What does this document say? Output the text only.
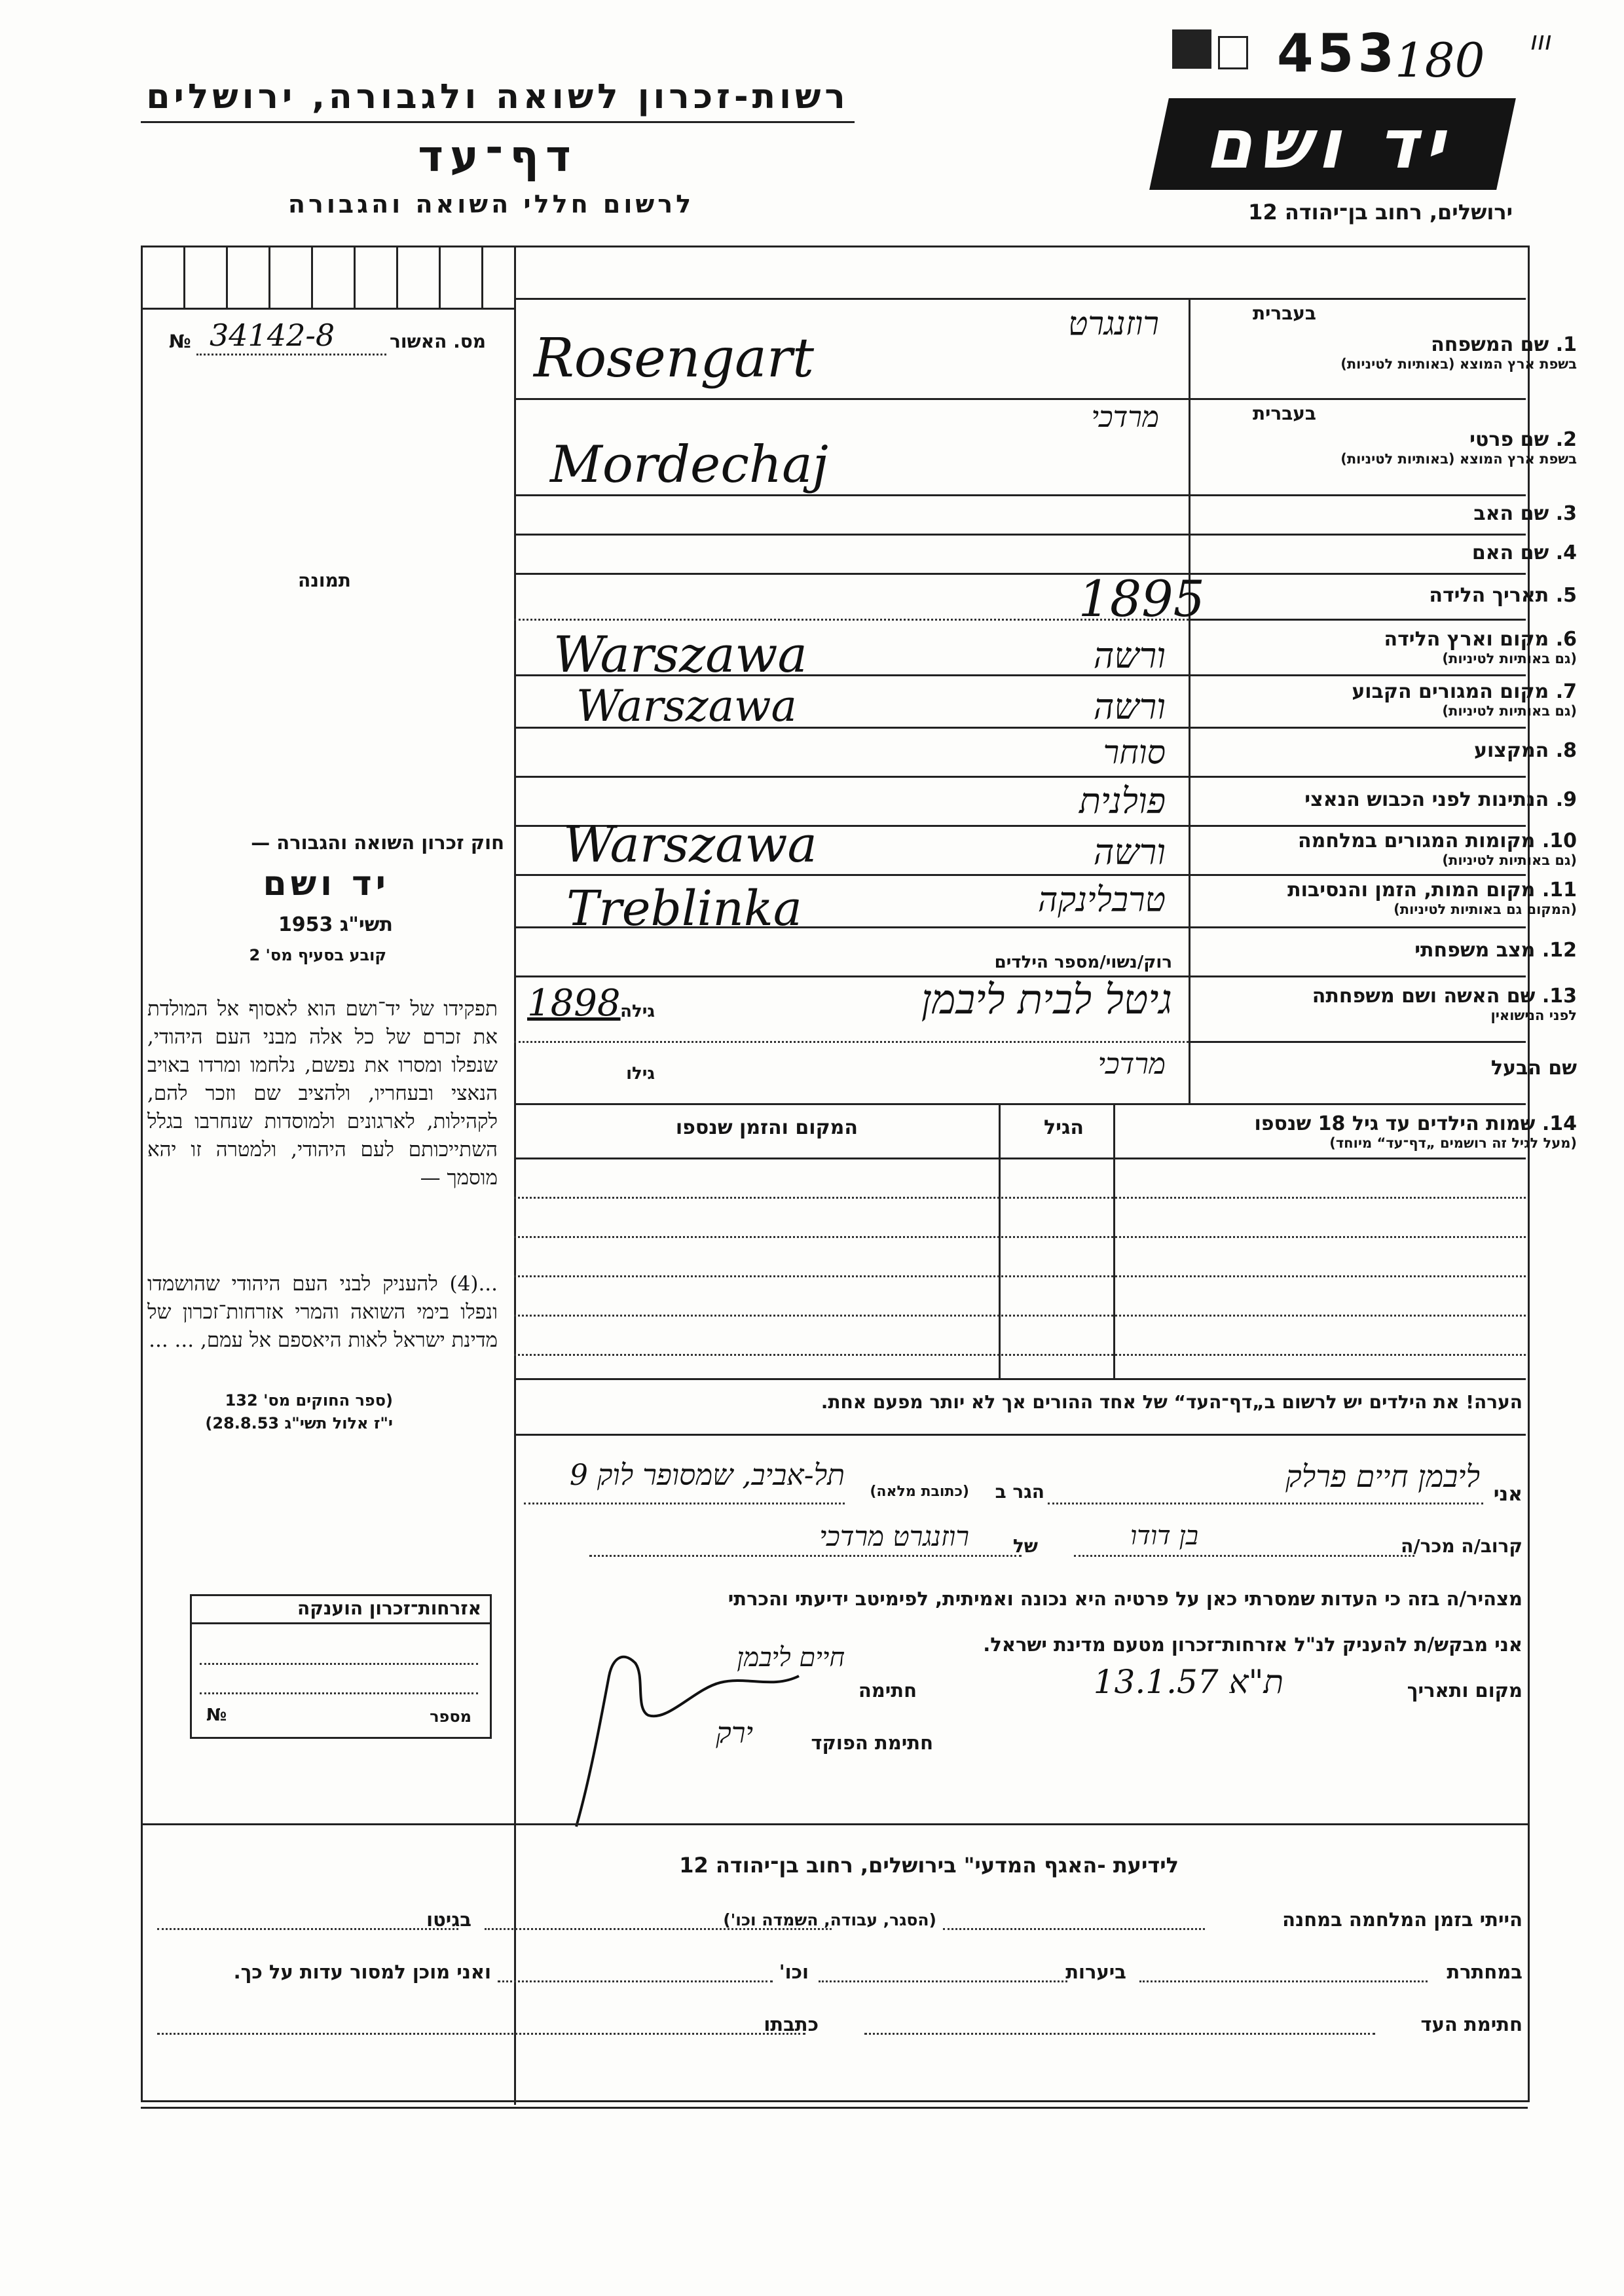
ווו
453
180
רשות-זכרון לשואה ולגבורה, ירושלים
דף־עד
לרשום חללי השואה והגבורה
יד ושם
ירושלים, רחוב בן־יהודה 12
מס. האשור
№ 34142-8
תמונה
בעברית
1. שם המשפחה
בשפת ארץ המוצא (באותיות לטיניות)
בעברית
2. שם פרטי
בשפת ארץ המוצא (באותיות לטיניות)
3. שם האב
4. שם האם
5. תאריך הלידה
6. מקום וארץ הלידה
(גם באותיות לטיניות)
7. מקום המגורים הקבוע
(גם באותיות לטיניות)
8. המקצוע
9. הנתינות לפני הכבוש הנאצי
10. מקומות המגורים במלחמה
(גם באותיות לטיניות)
11. מקום המות, הזמן והנסיבות
(המקום גם באותיות לטיניות)
12. מצב משפחתי
13. שם האשה ושם משפחתה
לפני הנישואין
שם הבעל
רוזנגרט
מרדכי
1895
ורשה
ורשה
סוחר
פולנית
ורשה
טרבלינקה
Rosengart
Mordechaj
Warszawa
Warszawa
Warszawa
Treblinka
רוק/נשוי/מספר הילדים
גילה
1898	גיטל לבית ליבמן
מרדכי
גילו
14. שמות הילדים עד גיל 18 שנספו
(מעל לגיל זה רושמים „דף־עד“ מיוחד)
הגיל
המקום והזמן שנספו
הערה! את הילדים יש לרשום ב„דף־העד“ של אחד ההורים אך לא יותר מפעם אחת.
חוק זכרון השואה והגבורה —
יד ושם
תשי"ג 1953
קובע בסעיף מס' 2
תפקידו של יד־ושם הוא לאסוף אל המולדת את זכרם של כל אלה מבני העם היהודי, שנפלו ומסרו את נפשם, נלחמו ומרדו באויב הנאצי ובעחריו, ולהציב שם וזכר להם, לקהילות, לארגונים ולמוסדות שנחרבו בגלל השתייכותם לעם היהודי, ולמטרה זו יהא מוסמך —
...(4) להעניק לבני העם היהודי שהושמדו ונפלו בימי השואה והמרי אזרחות־זכרון של מדינת ישראל לאות היאספם אל עמם, ... ...
(ספר החוקים מס' 132
י"ז אלול תשי"ג 28.8.53)
אזרחות־זכרון הוענקה
מספר
№
אני
ליבמן חיים פרלק
הגר ב
(כתובת מלאה)
תל-אביב, שמסופר לוק 9
קרוב/ה מכר/ה
בן דודו
של
רוזנגרט מרדכי
מצהיר/ה בזה כי העדות שמסרתי כאן על פרטיה היא נכונה ואמיתית, לפימיטב ידיעתי והכרתי
אני מבקש/ת להעניק לנ"ל אזרחות־זכרון מטעם מדינת ישראל.
מקום ותאריך
ת"א 13.1.57
חתימה
חיים ליבמן
חתימת הפוקד
ירק
לידיעת -האגף המדעי" בירושלים, רחוב בן־יהודה 12
הייתי בזמן המלחמה במחנה
(הסגר, עבודה, השמדה וכו')
בגיטו
במחתרת
ביערות
וכו'
ואני מוכן למסור עדות על כך.
חתימת העד
כתבתו
